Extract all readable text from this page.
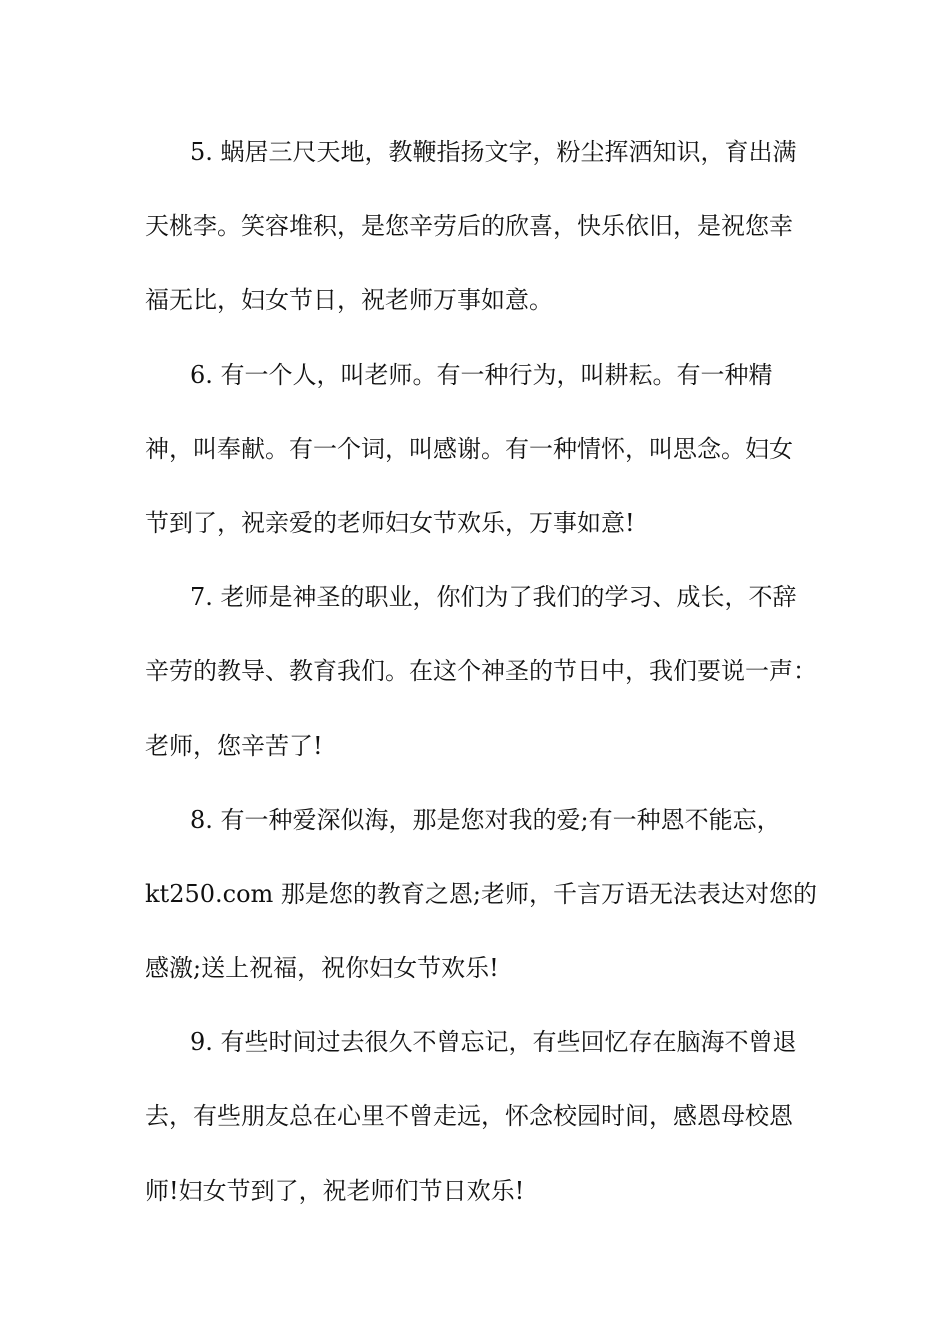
5. 蜗居三尺天地，教鞭指扬文字，粉尘挥洒知识，育出满
天桃李。笑容堆积，是您辛劳后的欣喜，快乐依旧，是祝您幸
福无比，妇女节日，祝老师万事如意。
6. 有一个人，叫老师。有一种行为，叫耕耘。有一种精
神，叫奉献。有一个词，叫感谢。有一种情怀，叫思念。妇女
节到了，祝亲爱的老师妇女节欢乐，万事如意!
7. 老师是神圣的职业，你们为了我们的学习、成长，不辞
辛劳的教导、教育我们。在这个神圣的节日中，我们要说一声：
老师，您辛苦了!
8. 有一种爱深似海，那是您对我的爱;有一种恩不能忘，
kt250.com 那是您的教育之恩;老师，千言万语无法表达对您的
感激;送上祝福，祝你妇女节欢乐!
9. 有些时间过去很久不曾忘记，有些回忆存在脑海不曾退
去，有些朋友总在心里不曾走远，怀念校园时间，感恩母校恩
师!妇女节到了，祝老师们节日欢乐!
